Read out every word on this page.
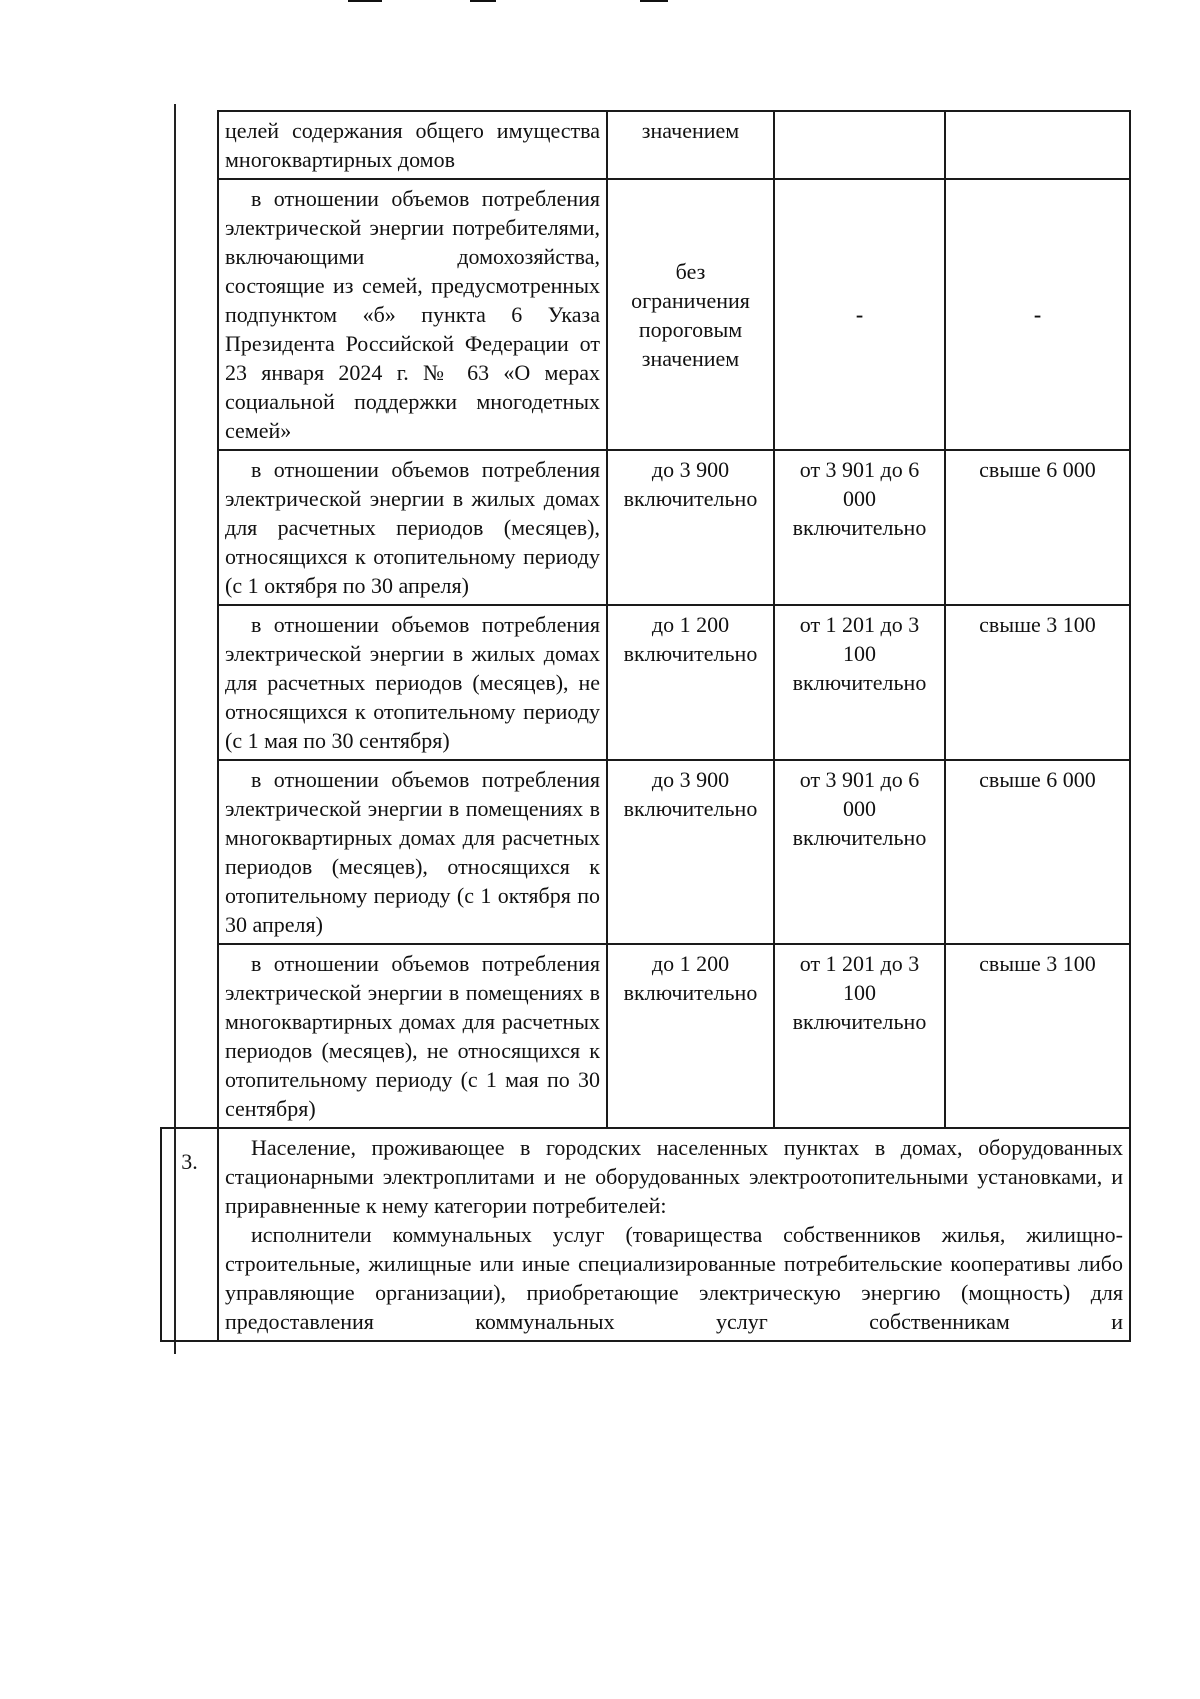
	целей содержания общего имущества многоквартирных домов	значением		
	в отношении объемов потребления электрической энергии потребителями, включающими домохозяйства, состоящие из семей, предусмотренных подпунктом «б» пункта 6 Указа Президента Российской Федерации от 23 января 2024 г. № 63 «О мерах социальной поддержки многодетных семей»	без ограничения пороговым значением	-	-
	в отношении объемов потребления электрической энергии в жилых домах для расчетных периодов (месяцев), относящихся к отопительному периоду (с 1 октября по 30 апреля)	до 3 900 включительно	от 3 901 до 6 000 включительно	свыше 6 000
	в отношении объемов потребления электрической энергии в жилых домах для расчетных периодов (месяцев), не относящихся к отопительному периоду (с 1 мая по 30 сентября)	до 1 200 включительно	от 1 201 до 3 100 включительно	свыше 3 100
	в отношении объемов потребления электрической энергии в помещениях в многоквартирных домах для расчетных периодов (месяцев), относящихся к отопительному периоду (с 1 октября по 30 апреля)	до 3 900 включительно	от 3 901 до 6 000 включительно	свыше 6 000
	в отношении объемов потребления электрической энергии в помещениях в многоквартирных домах для расчетных периодов (месяцев), не относящихся к отопительному периоду (с 1 мая по 30 сентября)	до 1 200 включительно	от 1 201 до 3 100 включительно	свыше 3 100
3.	Население, проживающее в городских населенных пунктах в домах, оборудованных стационарными электроплитами и не оборудованных электроотопительными установками, и приравненные к нему категории потребителей:

исполнители коммунальных услуг (товарищества собственников жилья, жилищно-строительные, жилищные или иные специализированные потребительские кооперативы либо управляющие организации), приобретающие электрическую энергию (мощность) для предоставления коммунальных услуг собственникам и			
